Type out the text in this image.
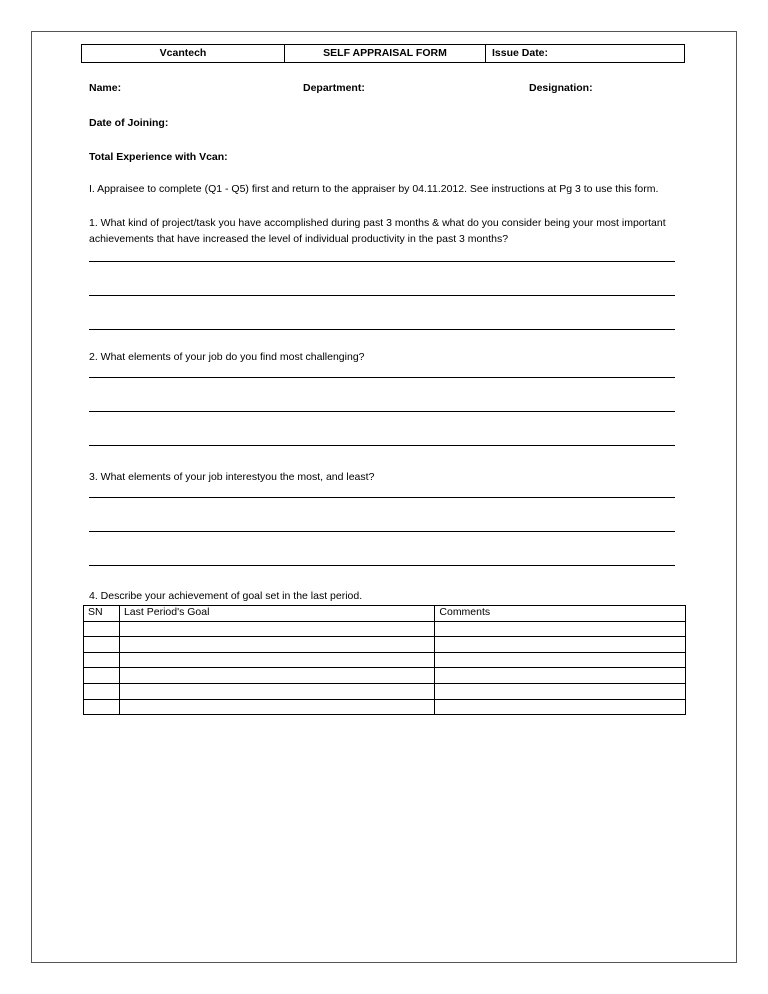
Vcantech	SELF APPRAISAL FORM	Issue Date:
Name:	Department:	Designation:
Date of Joining:
Total Experience with Vcan:
I. Appraisee to complete (Q1 - Q5) first and return to the appraiser by 04.11.2012. See instructions at Pg 3 to use this form.
1. What kind of project/task you have accomplished during past 3 months & what do you consider being your most important
achievements that have increased the level of individual productivity in the past 3 months?
2. What elements of your job do you find most challenging?
3. What elements of your job interestyou the most, and least?
4. Describe your achievement of goal set in the last period.
SN	Last Period's Goal	Comments
